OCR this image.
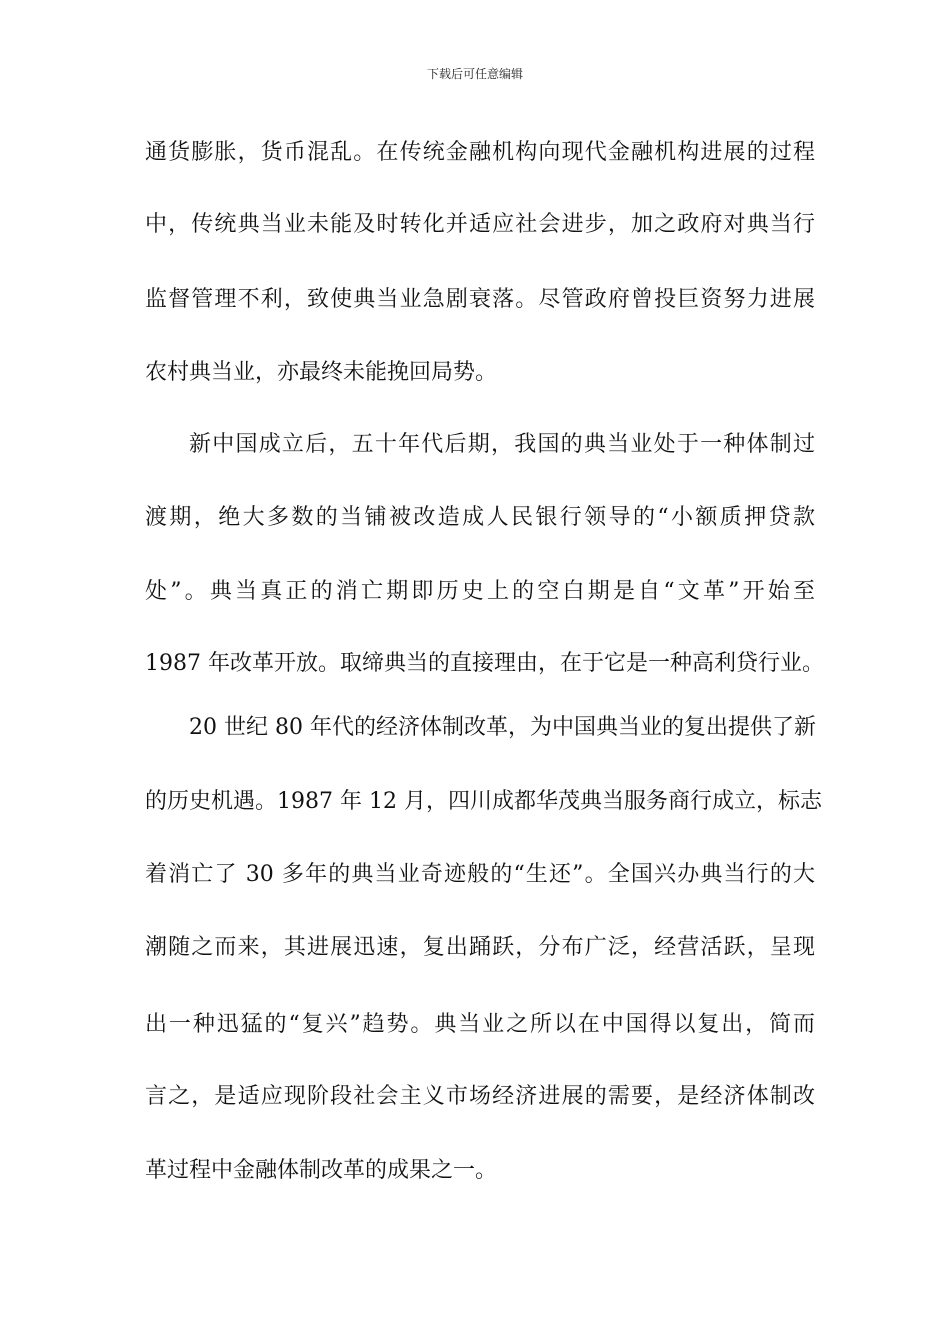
下载后可任意编辑
通货膨胀，货币混乱。在传统金融机构向现代金融机构进展的过程
中，传统典当业未能及时转化并适应社会进步，加之政府对典当行
监督管理不利，致使典当业急剧衰落。尽管政府曾投巨资努力进展
农村典当业，亦最终未能挽回局势。
新中国成立后，五十年代后期，我国的典当业处于一种体制过
渡期，绝大多数的当铺被改造成人民银行领导的“小额质押贷款
处”。典当真正的消亡期即历史上的空白期是自“文革”开始至
1987 年改革开放。取缔典当的直接理由，在于它是一种高利贷行业。
20 世纪 80 年代的经济体制改革，为中国典当业的复出提供了新
的历史机遇。1987 年 12 月，四川成都华茂典当服务商行成立，标志
着消亡了 30 多年的典当业奇迹般的“生还”。全国兴办典当行的大
潮随之而来，其进展迅速，复出踊跃，分布广泛，经营活跃，呈现
出一种迅猛的“复兴”趋势。典当业之所以在中国得以复出，简而
言之，是适应现阶段社会主义市场经济进展的需要，是经济体制改
革过程中金融体制改革的成果之一。
